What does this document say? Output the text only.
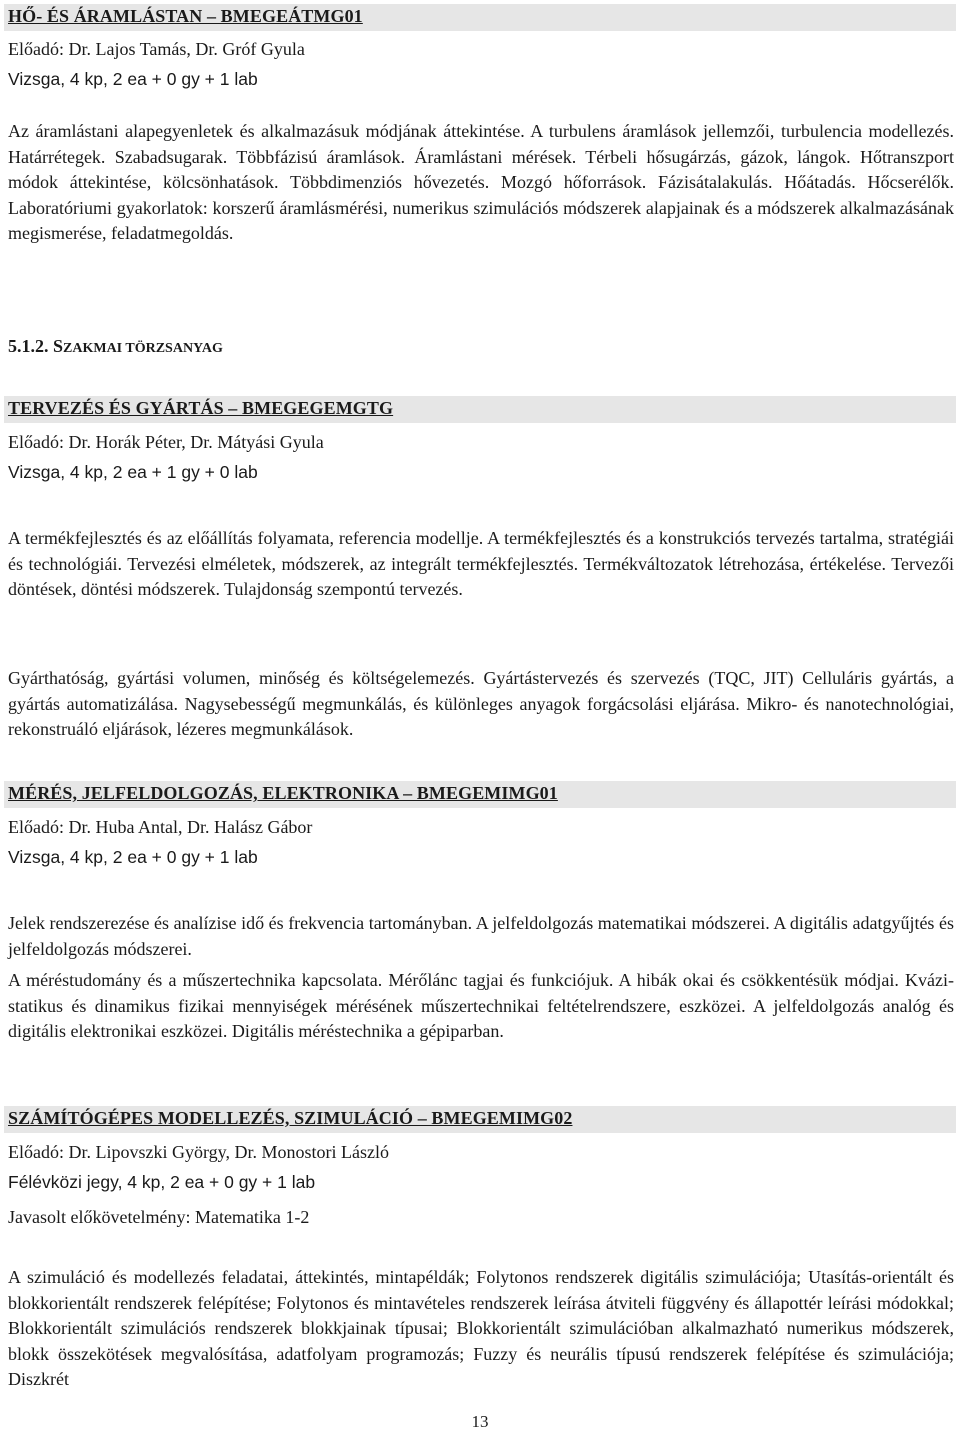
HŐ- ÉS ÁRAMLÁSTAN – BMEGEÁTMG01
Előadó: Dr. Lajos Tamás, Dr. Gróf Gyula
Vizsga, 4 kp, 2 ea + 0 gy + 1 lab
Az áramlástani alapegyenletek és alkalmazásuk módjának áttekintése. A turbulens áramlások jellemzői, turbulencia modellezés. Határrétegek. Szabadsugarak. Többfázisú áramlások. Áramlástani mérések. Térbeli hősugárzás, gázok, lángok. Hőtranszport módok áttekintése, kölcsönhatások. Többdimenziós hővezetés. Mozgó hőforrások. Fázisátalakulás. Hőátadás. Hőcserélők. Laboratóriumi gyakorlatok: korszerű áramlásmérési, numerikus szimulációs módszerek alapjainak és a módszerek alkalmazásának megismerése, feladatmegoldás.
5.1.2. SZAKMAI TÖRZSANYAG
TERVEZÉS ÉS GYÁRTÁS – BMEGEGEMGTG
Előadó: Dr. Horák Péter, Dr. Mátyási Gyula
Vizsga, 4 kp, 2 ea + 1 gy + 0 lab
A termékfejlesztés és az előállítás folyamata, referencia modellje. A termékfejlesztés és a konstrukciós tervezés tartalma, stratégiái és technológiái. Tervezési elméletek, módszerek, az integrált termékfejlesztés. Termékváltozatok létrehozása, értékelése. Tervezői döntések, döntési módszerek. Tulajdonság szempontú tervezés.
Gyárthatóság, gyártási volumen, minőség és költségelemezés. Gyártástervezés és szervezés (TQC, JIT) Celluláris gyártás, a gyártás automatizálása. Nagysebességű megmunkálás, és különleges anyagok forgácsolási eljárása. Mikro- és nanotechnológiai, rekonstruáló eljárások, lézeres megmunkálások.
MÉRÉS, JELFELDOLGOZÁS, ELEKTRONIKA – BMEGEMIMG01
Előadó: Dr. Huba Antal, Dr. Halász Gábor
Vizsga, 4 kp, 2 ea + 0 gy + 1 lab
Jelek rendszerezése és analízise idő és frekvencia tartományban. A jelfeldolgozás matematikai módszerei. A digitális adatgyűjtés és jelfeldolgozás módszerei.
A méréstudomány és a műszertechnika kapcsolata. Mérőlánc tagjai és funkciójuk. A hibák okai és csökkentésük módjai. Kvázi-statikus és dinamikus fizikai mennyiségek mérésének műszertechnikai feltételrendszere, eszközei. A jelfeldolgozás analóg és digitális elektronikai eszközei. Digitális méréstechnika a gépiparban.
SZÁMÍTÓGÉPES MODELLEZÉS, SZIMULÁCIÓ – BMEGEMIMG02
Előadó: Dr. Lipovszki György, Dr. Monostori László
Félévközi jegy, 4 kp, 2 ea + 0 gy + 1 lab
Javasolt előkövetelmény: Matematika 1-2
A szimuláció és modellezés feladatai, áttekintés, mintapéldák; Folytonos rendszerek digitális szimulációja; Utasítás-orientált és blokkorientált rendszerek felépítése; Folytonos és mintavételes rendszerek leírása átviteli függvény és állapottér leírási módokkal; Blokkorientált szimulációs rendszerek blokkjainak típusai; Blokkorientált szimulációban alkalmazható numerikus módszerek, blokk összekötések megvalósítása, adatfolyam programozás; Fuzzy és neurális típusú rendszerek felépítése és szimulációja; Diszkrét
13
